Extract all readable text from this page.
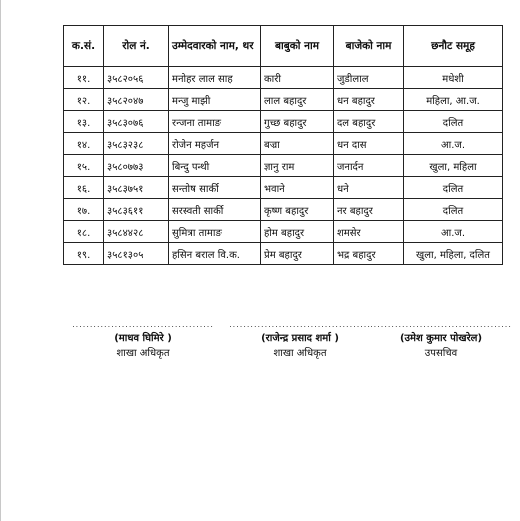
क.सं.	रोल नं.	उम्मेदवारको नाम, थर	बाबुको नाम	बाजेको नाम	छनौट समूह
११.	३५८२०५६	मनोहर लाल साह	कारी	जुडीलाल	मधेशी
१२.	३५८२०४७	मन्जु माझी	लाल बहादुर	धन बहादुर	महिला, आ.ज.
१३.	३५८३०७६	रन्जना तामाङ	गुच्छ बहादुर	दल बहादुर	दलित
१४.	३५८३२३८	रोजेन महर्जन	बज्रा	धन दास	आ.ज.
१५.	३५८०७७३	बिन्दु पन्थी	ज्ञानु राम	जनार्दन	खुला, महिला
१६.	३५८३७५१	सन्तोष सार्की	भवाने	धने	दलित
१७.	३५८३६११	सरस्वती सार्की	कृष्ण बहादुर	नर बहादुर	दलित
१८.	३५८४४२८	सुमित्रा तामाङ	होम बहादुर	शमसेर	आ.ज.
१९.	३५८१३०५	हसिन बराल वि.क.	प्रेम बहादुर	भद्र बहादुर	खुला, महिला, दलित
........................................
(माधव घिमिरे )
शाखा अधिकृत
........................................
(राजेन्द्र प्रसाद शर्मा )
शाखा अधिकृत
........................................
(उमेश कुमार पोखरेल)
उपसचिव
